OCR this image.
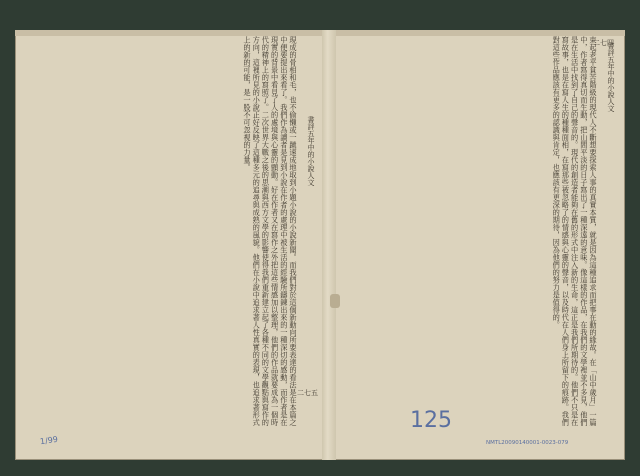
書評五年中的小說人文
現成的骨相和毛，也不偷懶或一蹴速成地取到小題小說的小說新聞。而我們對於這個新動向所要表達的看法是在本篇之中便要提出來看了。我們作為讀者是見到小說在作者的處理中被生活的經驗所鑄鍊出來的一種深切的感動，而作者是在現實的背景中看見了人的處境與心靈的顫動。好在作者又在寫作之外把這些情感加以整理，他們的作品就要成為一個時代的精神上的寫照了。二次世界大戰之後的思潮與西方文學的影響使得我們重新建立起了各種不同的文學觀點與寫作的方向，這裡所見的小說正好反映了這種多元的追尋與成熟的風貌。他們在小說中追求著人性真實的表現，也追求著形式上的新的可能，是一股不可忽視的力量。
二七五
書評五年中的小說人文
束起老平貧苦階級的現代人不斷想要探索人事的真實本質，就是因為這種追求而把事在動的緣故。在「山中歲月」一篇中，作者寫得真切而生動，把山間平淡的日子寫出了一種深遠的意味。像這樣的作品，在我們的文學裡並不多見，他們是在生活中找到了自己的聲音的。現代的創造者能夠在舊的形式中注入新的生命，這正是我們所期待的。他們不只是在寫故事，也是在寫人生的種種面相，在寫那些被忽略了的情感與心靈的聲音，以及時代在人們身上所留下的痕跡。我們對這些作品應該有更多的認識與肯定，也應該有更深的期待，因為他們的努力是值得的。	二七四
1/99
125
NMTL20090140001-0023-079
